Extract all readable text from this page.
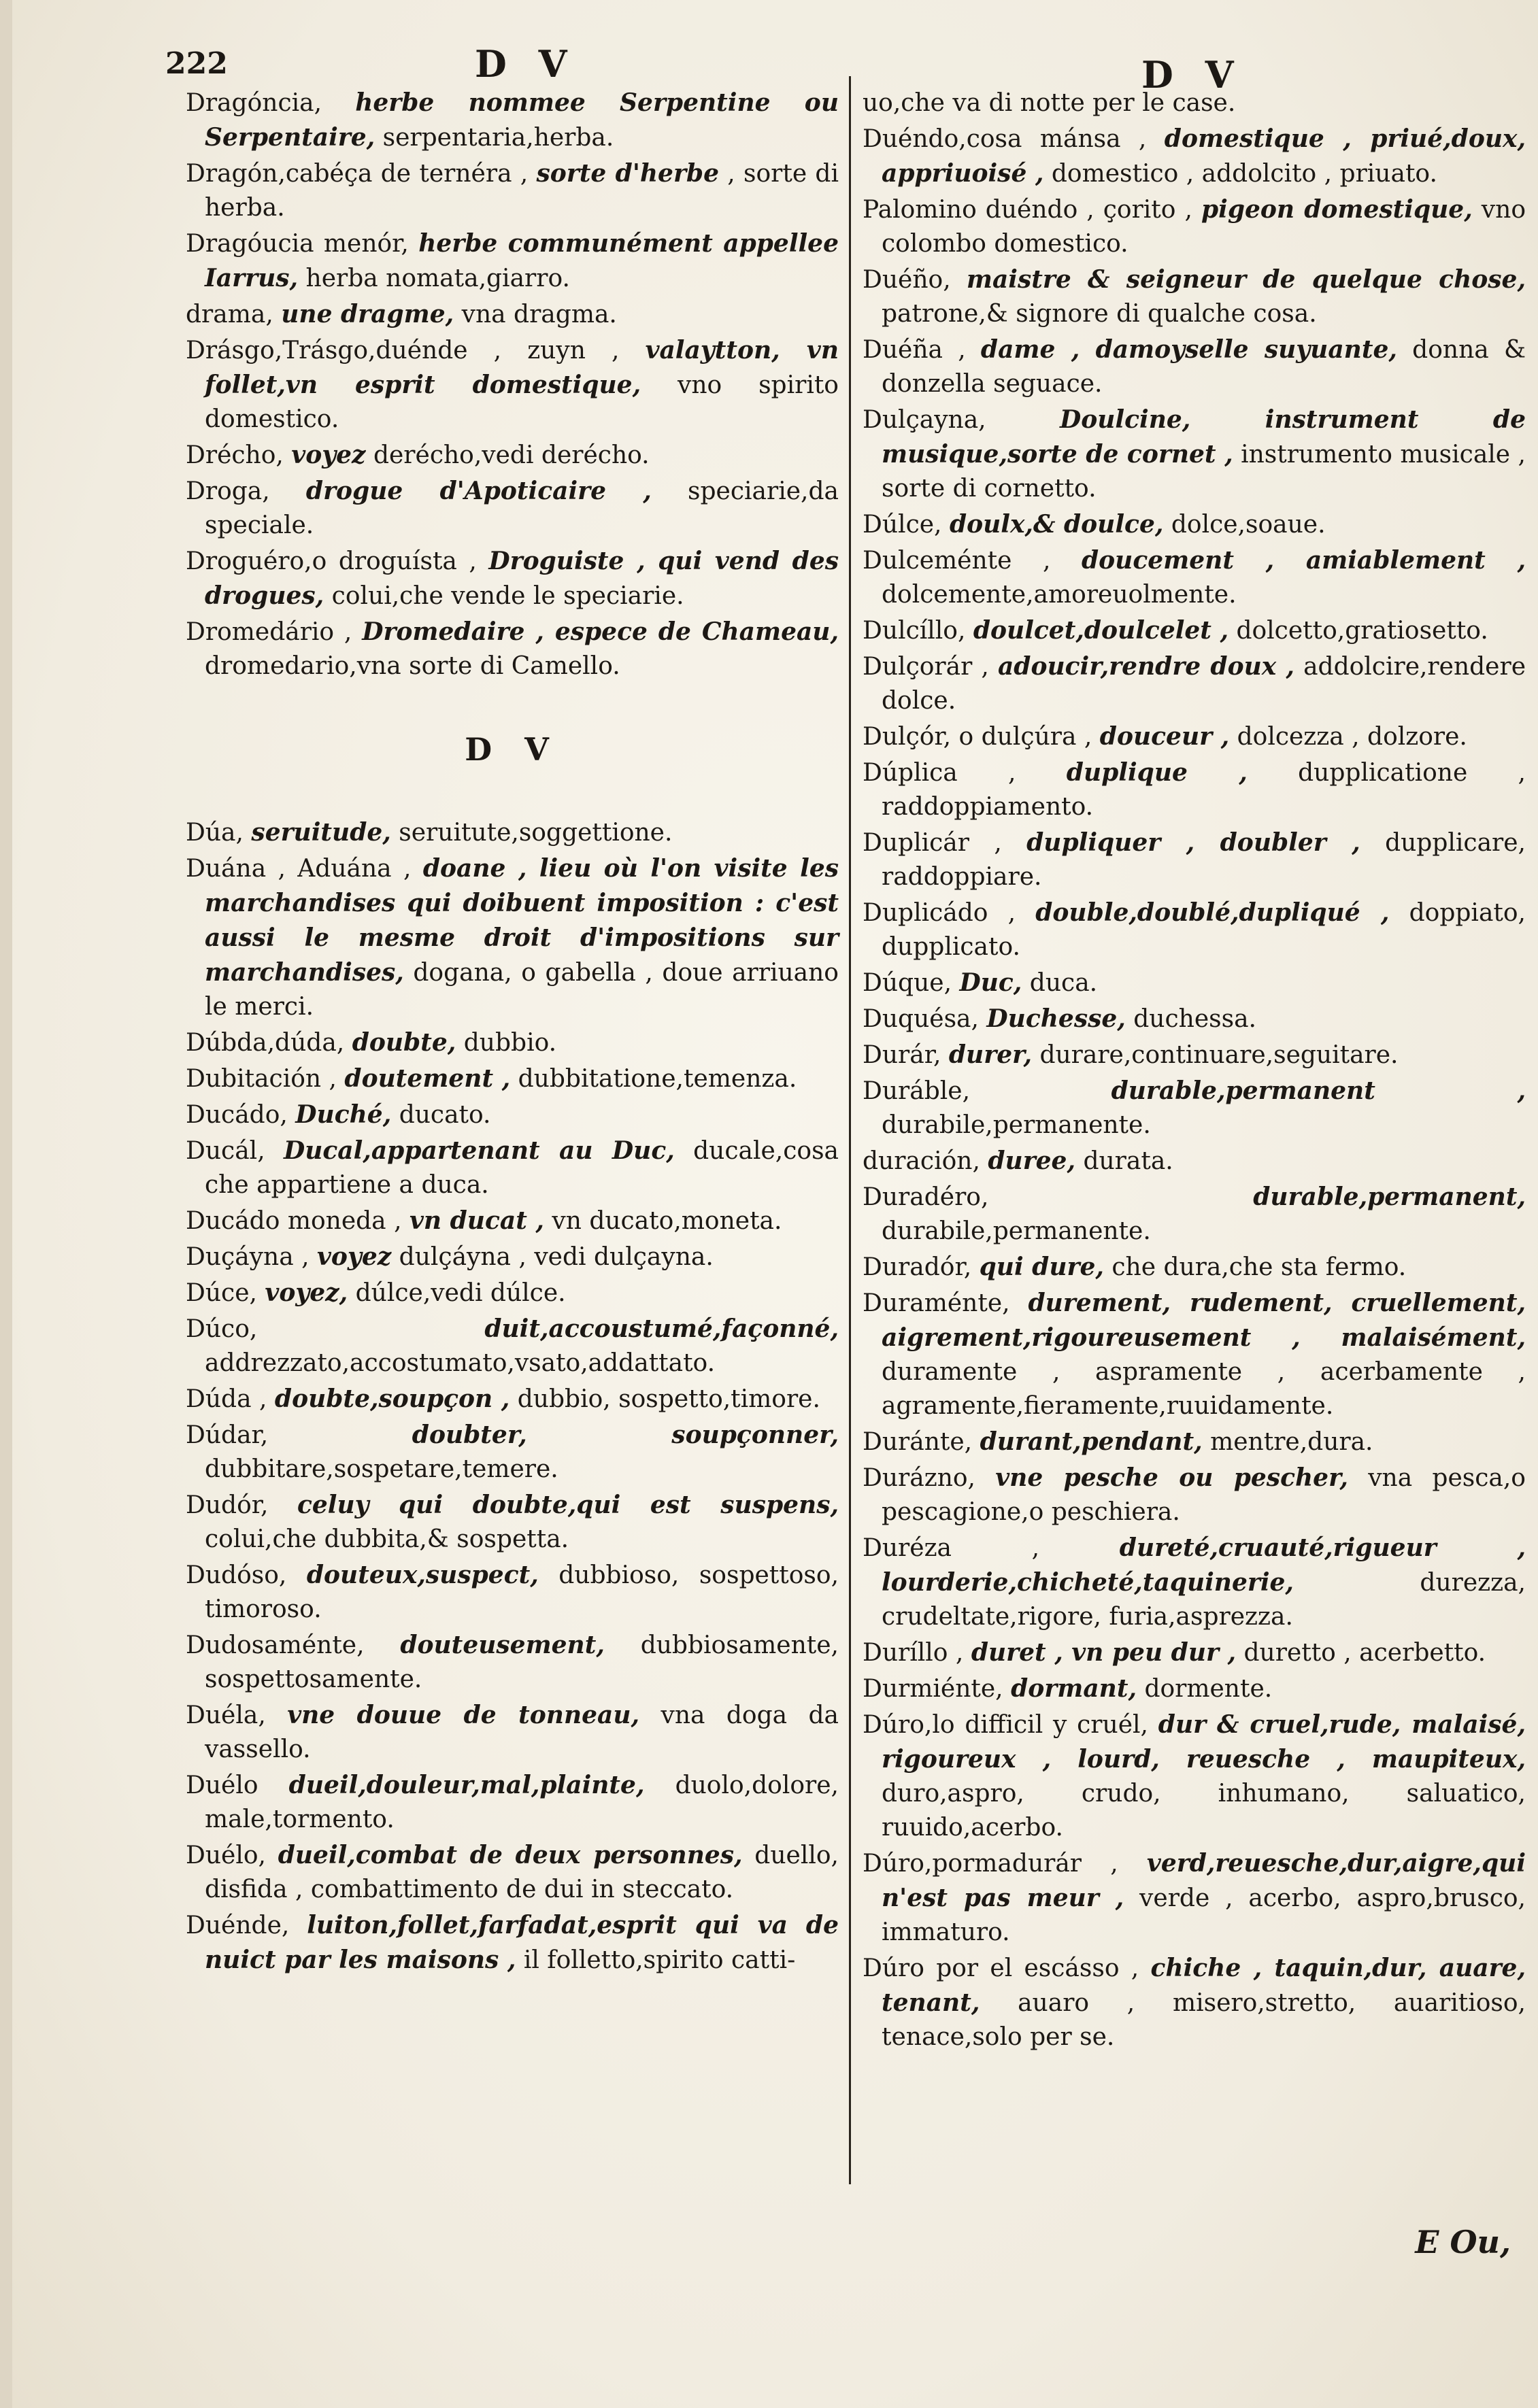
222	D V	D V

Dragóncia, herbe nommee Serpentine ou Serpentaire, serpentaria,herba.

Dragón,cabéça de ternéra , sorte d'herbe , sorte di herba.

Dragóucia menór, herbe communément appellee Iarrus, herba nomata,giarro.

drama, une dragme, vna dragma.

Drásgo,Trásgo,duénde , zuyn , valaytton, vn follet,vn esprit domestique, vno spirito domestico.

Drécho, voyez derécho,vedi derécho.

Droga, drogue d'Apoticaire , speciarie,da speciale.

Droguéro,o droguísta , Droguiste , qui vend des drogues, colui,che vende le speciarie.

Dromedário , Dromedaire , espece de Chameau, dromedario,vna sorte di Camello.

D V

Dúa, seruitude, seruitute,soggettione.

Duána , Aduána , doane , lieu où l'on visite les marchandises qui doibuent imposition : c'est aussi le mesme droit d'impositions sur marchandises, dogana, o gabella , doue arriuano le merci.

Dúbda,dúda, doubte, dubbio.

Dubitación , doutement , dubbitatione,temenza.

Ducádo, Duché, ducato.

Ducál, Ducal,appartenant au Duc, ducale,cosa che appartiene a duca.

Ducádo moneda , vn ducat , vn ducato,moneta.

Duçáyna , voyez dulçáyna , vedi dulçayna.

Dúce, voyez, dúlce,vedi dúlce.

Dúco,	duit,accoustumé,façonné, addrezzato,accostumato,vsato,addattato.

Dúda , doubte,soupçon , dubbio, sospetto,timore.

Dúdar,	doubter, soupçonner, dubbitare,sospetare,temere.

Dudór, celuy qui doubte,qui est suspens, colui,che dubbita,& sospetta.

Dudóso, douteux,suspect, dubbioso, sospettoso, timoroso.

Dudosaménte, douteusement, dubbiosamente, sospettosamente.

Duéla, vne douue de tonneau, vna doga da vassello.

Duélo dueil,douleur,mal,plainte, duolo,dolore, male,tormento.

Duélo, dueil,combat de deux personnes, duello, disfida , combattimento de dui in steccato.

Duénde, luiton,follet,farfadat,esprit qui va de nuict par les maisons , il folletto,spirito catti-

uo,che va di notte per le case.

Duéndo,cosa mánsa , domestique , priué,doux, appriuoisé , domestico , addolcito , priuato.

Palomino duéndo , çorito , pigeon domestique, vno colombo domestico.

Duéño, maistre & seigneur de quelque chose, patrone,& signore di qualche cosa.

Duéña , dame , damoyselle suyuante, donna & donzella seguace.

Dulçayna,	Doulcine, instrument de musique,sorte de cornet , instrumento musicale , sorte di cornetto.

Dúlce, doulx,& doulce, dolce,soaue.

Dulceménte , doucement , amiablement , dolcemente,amoreuolmente.

Dulcíllo, doulcet,doulcelet , dolcetto,gratiosetto.

Dulçorár , adoucir,rendre doux , addolcire,rendere dolce.

Dulçór, o dulçúra , douceur , dolcezza , dolzore.

Dúplica , duplique , dupplicatione , raddoppiamento.

Duplicár , dupliquer , doubler , dupplicare, raddoppiare.

Duplicádo , double,doublé,dupliqué , doppiato, dupplicato.

Dúque, Duc, duca.

Duquésa, Duchesse, duchessa.

Durár, durer, durare,continuare,seguitare.

Duráble,	durable,permanent , durabile,permanente.

duración, duree, durata.

Duradéro,	durable,permanent, durabile,permanente.

Duradór, qui dure, che dura,che sta fermo.

Duraménte, durement, rudement, cruellement, aigrement,rigoureusement , malaisément, duramente , aspramente , acerbamente , agramente,fieramente,ruuidamente.

Duránte, durant,pendant, mentre,dura.

Durázno, vne pesche ou pescher, vna pesca,o pescagione,o peschiera.

Duréza ,	dureté,cruauté,rigueur , lourderie,chicheté,taquinerie,	durezza, crudeltate,rigore, furia,asprezza.

Duríllo , duret , vn peu dur , duretto , acerbetto.

Durmiénte, dormant, dormente.

Dúro,lo difficil y cruél, dur & cruel,rude, malaisé, rigoureux , lourd, reuesche , maupiteux, duro,aspro, crudo, inhumano, saluatico, ruuido,acerbo.

Dúro,pormadurár , verd,reuesche,dur,aigre,qui n'est pas meur , verde , acerbo, aspro,brusco, immaturo.

Dúro por el escásso , chiche , taquin,dur, auare, tenant, auaro , misero,stretto, auaritioso, tenace,solo per se.

E Ou,
